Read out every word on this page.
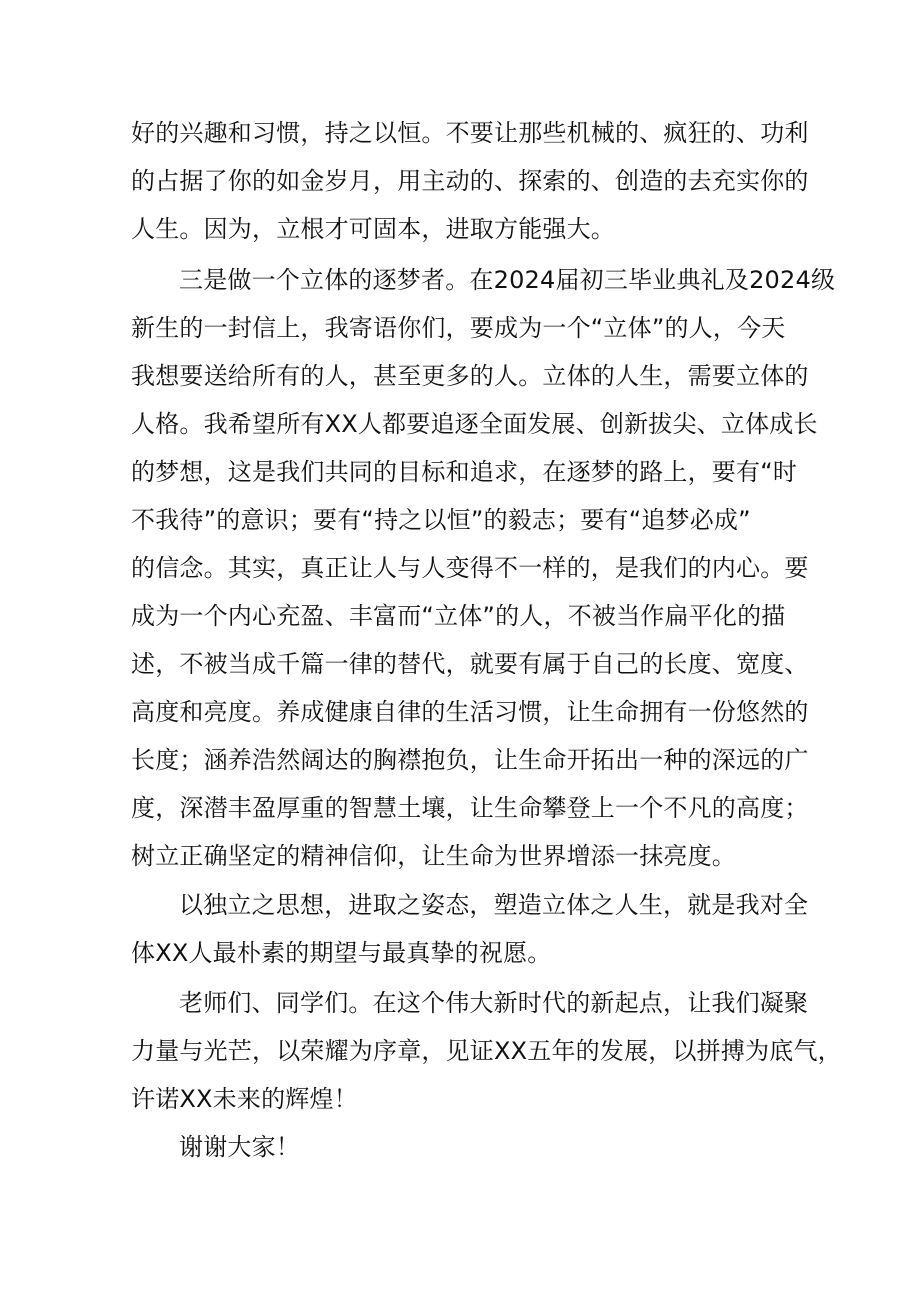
好的兴趣和习惯，持之以恒。不要让那些机械的、疯狂的、功利
的占据了你的如金岁月，用主动的、探索的、创造的去充实你的
人生。因为，立根才可固本，进取方能强大。
三是做一个立体的逐梦者。在2024届初三毕业典礼及2024级
新生的一封信上，我寄语你们，要成为一个“立体”的人，今天
我想要送给所有的人，甚至更多的人。立体的人生，需要立体的
人格。我希望所有XX人都要追逐全面发展、创新拔尖、立体成长
的梦想，这是我们共同的目标和追求，在逐梦的路上，要有“时
不我待”的意识；要有“持之以恒”的毅志；要有“追梦必成”
的信念。其实，真正让人与人变得不一样的，是我们的内心。要
成为一个内心充盈、丰富而“立体”的人，不被当作扁平化的描
述，不被当成千篇一律的替代，就要有属于自己的长度、宽度、
高度和亮度。养成健康自律的生活习惯，让生命拥有一份悠然的
长度；涵养浩然阔达的胸襟抱负，让生命开拓出一种的深远的广
度，深潜丰盈厚重的智慧土壤，让生命攀登上一个不凡的高度；
树立正确坚定的精神信仰，让生命为世界增添一抹亮度。
以独立之思想，进取之姿态，塑造立体之人生，就是我对全
体XX人最朴素的期望与最真挚的祝愿。
老师们、同学们。在这个伟大新时代的新起点，让我们凝聚
力量与光芒，以荣耀为序章，见证XX五年的发展，以拼搏为底气，
许诺XX未来的辉煌！
谢谢大家！
